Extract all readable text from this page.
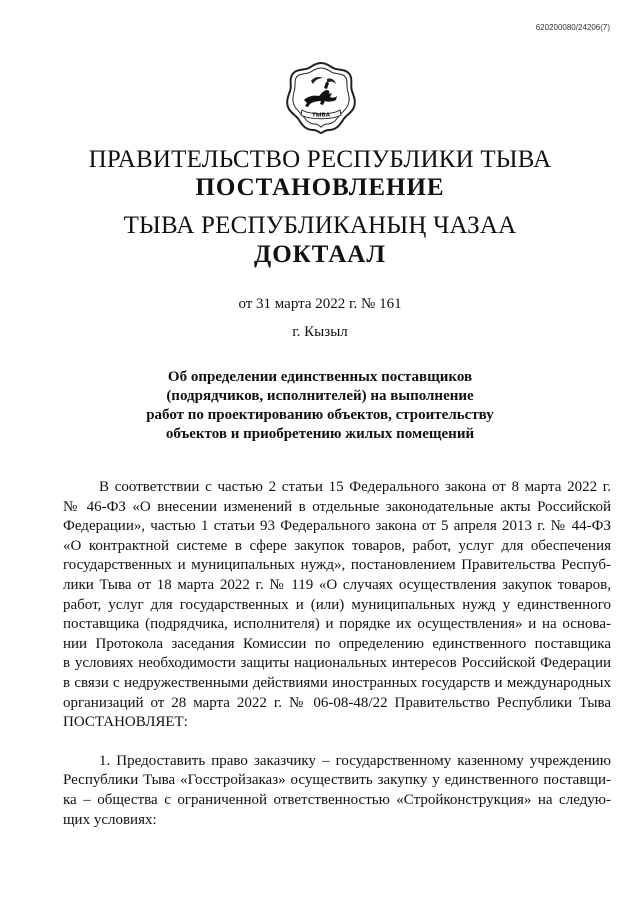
620200080/24206(7)
ТЫВА
ПРАВИТЕЛЬСТВО РЕСПУБЛИКИ ТЫВА
ПОСТАНОВЛЕНИЕ
ТЫВА РЕСПУБЛИКАНЫҢ ЧАЗАА
ДОКТААЛ
от 31 марта 2022 г. № 161
г. Кызыл
Об определении единственных поставщиков
(подрядчиков, исполнителей) на выполнение
работ по проектированию объектов, строительству
объектов и приобретению жилых помещений
В соответствии с частью 2 статьи 15 Федерального закона от 8 марта 2022 г.
№ 46-ФЗ «О внесении изменений в отдельные законодательные акты Российской
Федерации», частью 1 статьи 93 Федерального закона от 5 апреля 2013 г. № 44-ФЗ
«О контрактной системе в сфере закупок товаров, работ, услуг для обеспечения
государственных и муниципальных нужд», постановлением Правительства Респуб-
лики Тыва от 18 марта 2022 г. № 119 «О случаях осуществления закупок товаров,
работ, услуг для государственных и (или) муниципальных нужд у единственного
поставщика (подрядчика, исполнителя) и порядке их осуществления» и на основа-
нии Протокола заседания Комиссии по определению единственного поставщика
в условиях необходимости защиты национальных интересов Российской Федерации
в связи с недружественными действиями иностранных государств и международных
организаций от 28 марта 2022 г. № 06-08-48/22 Правительство Республики Тыва
ПОСТАНОВЛЯЕТ:
1. Предоставить право заказчику – государственному казенному учреждению
Республики Тыва «Госстройзаказ» осуществить закупку у единственного поставщи-
ка – общества с ограниченной ответственностью «Стройконструкция» на следую-
щих условиях:
